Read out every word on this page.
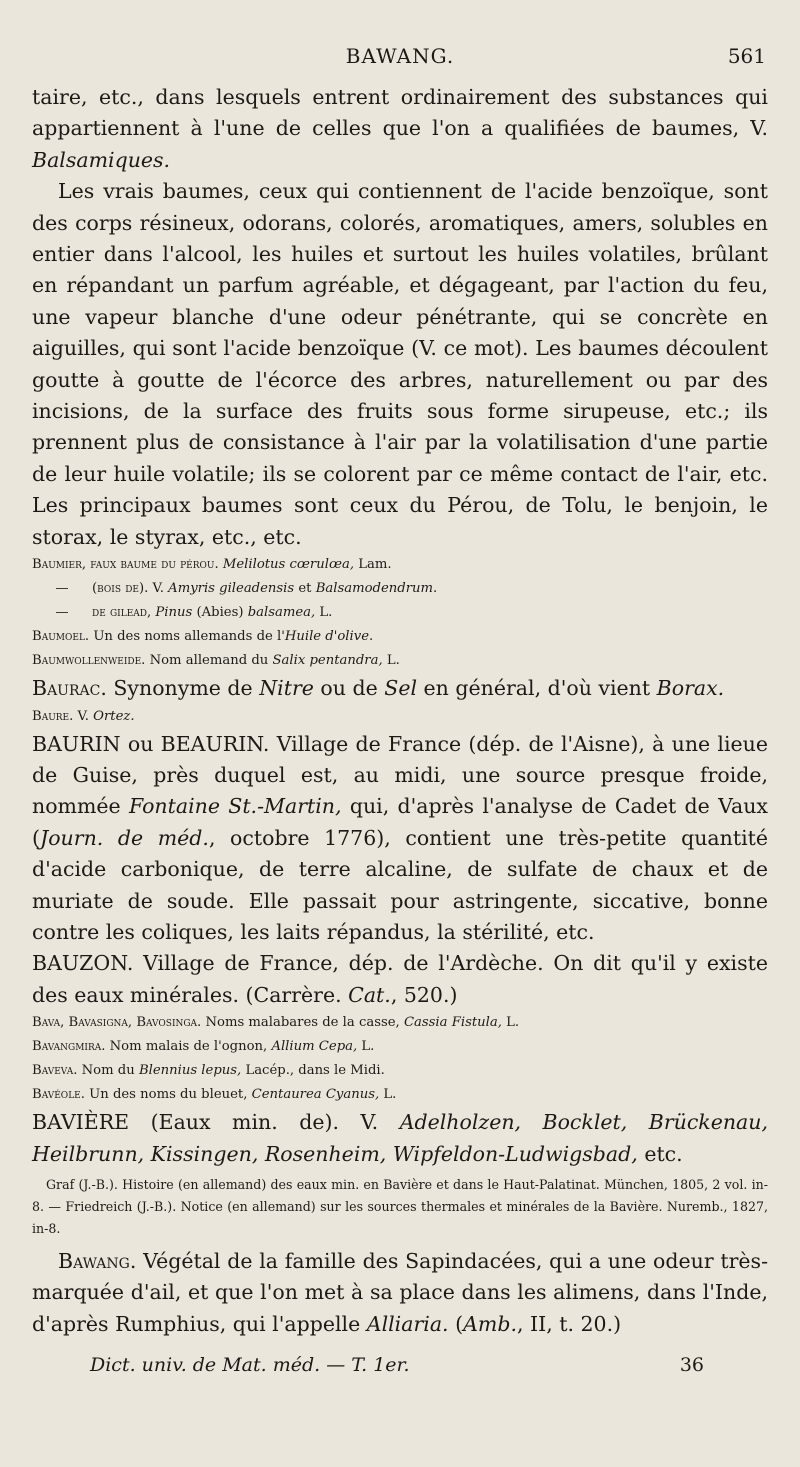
BAWANG.	561

taire, etc., dans lesquels entrent ordinairement des substances qui appartiennent à l'une de celles que l'on a qualifiées de baumes, V. Balsamiques.

Les vrais baumes, ceux qui contiennent de l'acide benzoïque, sont des corps résineux, odorans, colorés, aromatiques, amers, solubles en entier dans l'alcool, les huiles et surtout les huiles volatiles, brûlant en répandant un parfum agréable, et dégageant, par l'action du feu, une vapeur blanche d'une odeur pénétrante, qui se concrète en aiguilles, qui sont l'acide benzoïque (V. ce mot). Les baumes découlent goutte à goutte de l'écorce des arbres, naturellement ou par des incisions, de la surface des fruits sous forme sirupeuse, etc.; ils prennent plus de consistance à l'air par la volatilisation d'une partie de leur huile volatile; ils se colorent par ce même contact de l'air, etc. Les principaux baumes sont ceux du Pérou, de Tolu, le benjoin, le storax, le styrax, etc., etc.

Baumier, faux baume du pérou. Melilotus cœrulœa, Lam.

— (bois de). V. Amyris gileadensis et Balsamodendrum.

— de gilead, Pinus (Abies) balsamea, L.

Baumoel. Un des noms allemands de l'Huile d'olive.

Baumwollenweide. Nom allemand du Salix pentandra, L.

Baurac. Synonyme de Nitre ou de Sel en général, d'où vient Borax.

Baure. V. Ortez.

BAURIN ou BEAURIN. Village de France (dép. de l'Aisne), à une lieue de Guise, près duquel est, au midi, une source presque froide, nommée Fontaine St.-Martin, qui, d'après l'analyse de Cadet de Vaux (Journ. de méd., octobre 1776), contient une très-petite quantité d'acide carbonique, de terre alcaline, de sulfate de chaux et de muriate de soude. Elle passait pour astringente, siccative, bonne contre les coliques, les laits répandus, la stérilité, etc.

BAUZON. Village de France, dép. de l'Ardèche. On dit qu'il y existe des eaux minérales. (Carrère. Cat., 520.)

Bava, Bavasigna, Bavosinga. Noms malabares de la casse, Cassia Fistula, L.

Bavangmira. Nom malais de l'ognon, Allium Cepa, L.

Baveva. Nom du Blennius lepus, Lacép., dans le Midi.

Bavéole. Un des noms du bleuet, Centaurea Cyanus, L.

BAVIÈRE (Eaux min. de). V. Adelholzen, Bocklet, Brückenau, Heilbrunn, Kissingen, Rosenheim, Wipfeldon-Ludwigsbad, etc.

Graf (J.-B.). Histoire (en allemand) des eaux min. en Bavière et dans le Haut-Palatinat. München, 1805, 2 vol. in-8. — Friedreich (J.-B.). Notice (en allemand) sur les sources thermales et minérales de la Bavière. Nuremb., 1827, in-8.

Bawang. Végétal de la famille des Sapindacées, qui a une odeur très-marquée d'ail, et que l'on met à sa place dans les alimens, dans l'Inde, d'après Rumphius, qui l'appelle Alliaria. (Amb., II, t. 20.)

Dict. univ. de Mat. méd. — T. 1er.	36
